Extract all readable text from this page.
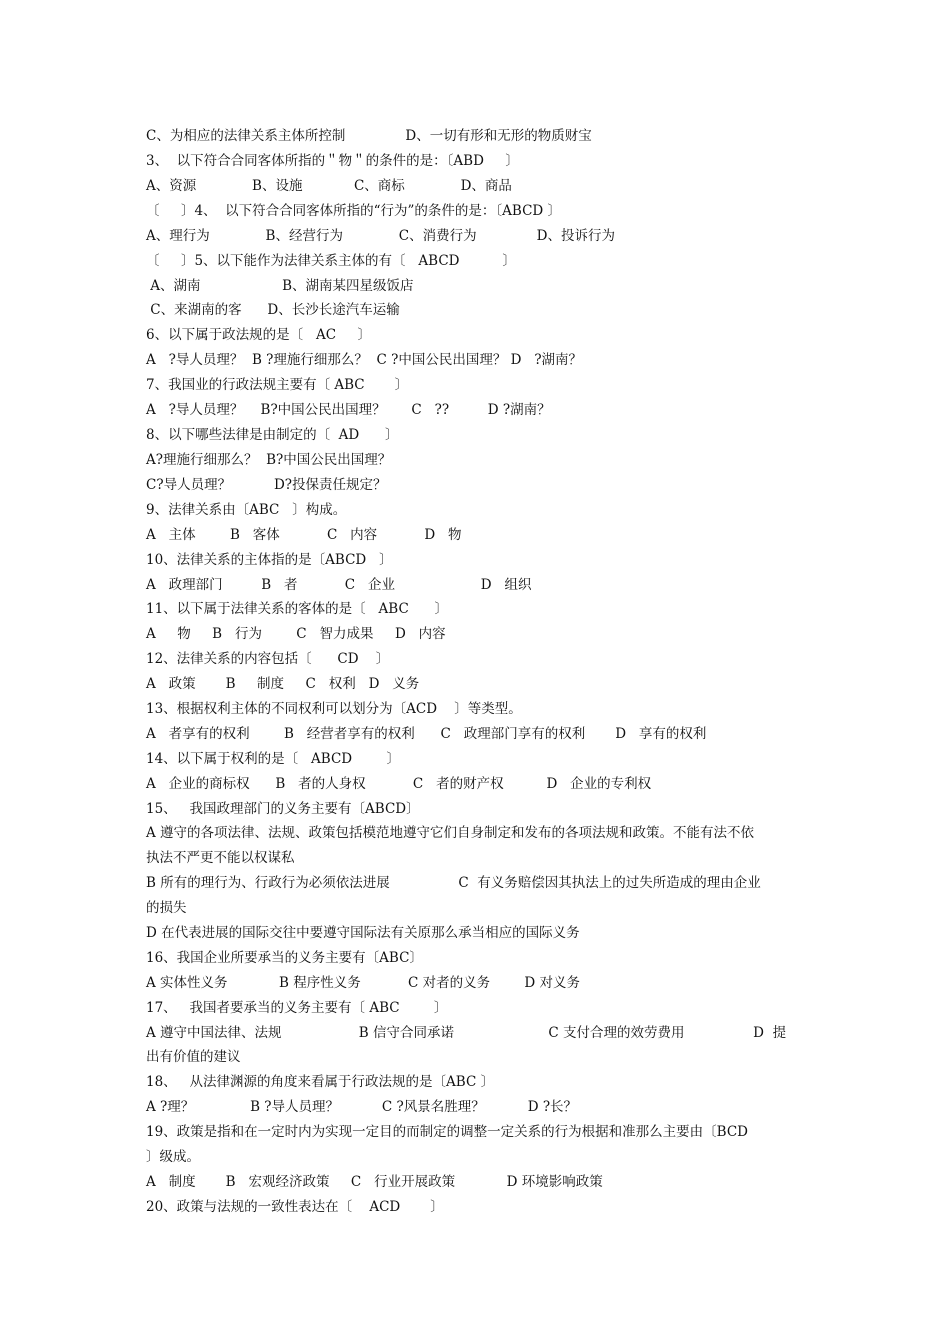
C、为相应的法律关系主体所控制              D、一切有形和无形的物质财宝
3、  以下符合合同客体所指的＂物＂的条件的是：〔ABD     〕
A、资源             B、设施            C、商标             D、商品
〔     〕4、  以下符合合同客体所指的“行为”的条件的是：〔ABCD 〕
A、理行为             B、经营行为             C、消费行为              D、投诉行为
〔     〕5、以下能作为法律关系主体的有〔   ABCD          〕
A、湖南                   B、湖南某四星级饭店
C、来湖南的客      D、长沙长途汽车运输
6、以下属于政法规的是〔   AC     〕
A   ?导人员理？  B ?理施行细那么？  C ?中国公民出国理？ D   ?湖南？
7、我国业的行政法规主要有〔 ABC       〕
A   ?导人员理？    B?中国公民出国理？      C   ??         D ?湖南？
8、以下哪些法律是由制定的〔  AD      〕
A?理施行细那么？  B?中国公民出国理？
C?导人员理？          D?投保责任规定？
9、法律关系由〔ABC   〕构成。
A   主体        B   客体           C   内容           D   物
10、法律关系的主体指的是〔ABCD   〕
A   政理部门         B   者           C   企业                    D   组织
11、以下属于法律关系的客体的是〔   ABC      〕
A     物     B   行为        C   智力成果     D   内容
12、法律关系的内容包括〔      CD    〕
A   政策       B     制度     C   权利   D   义务
13、根据权利主体的不同权利可以划分为〔ACD    〕等类型。
A   者享有的权利        B   经营者享有的权利      C   政理部门享有的权利       D   享有的权利
14、以下属于权利的是〔   ABCD        〕
A   企业的商标权      B   者的人身权           C   者的财产权          D   企业的专利权
15、   我国政理部门的义务主要有〔ABCD〕
A 遵守的各项法律、法规、政策包括模范地遵守它们自身制定和发布的各项法规和政策。不能有法不依
执法不严更不能以权谋私
B 所有的理行为、行政行为必须依法进展                C  有义务赔偿因其执法上的过失所造成的理由企业
的损失
D 在代表进展的国际交往中要遵守国际法有关原那么承当相应的国际义务
16、我国企业所要承当的义务主要有〔ABC〕
A 实体性义务            B 程序性义务           C 对者的义务        D 对义务
17、   我国者要承当的义务主要有〔 ABC        〕
A 遵守中国法律、法规                  B 信守合同承诺                      C 支付合理的效劳费用                D  提
出有价值的建议
18、   从法律渊源的角度来看属于行政法规的是〔ABC 〕
A ?理？             B ?导人员理？          C ?风景名胜理？          D ?长？
19、政策是指和在一定时内为实现一定目的而制定的调整一定关系的行为根据和准那么主要由〔BCD
〕级成。
A   制度       B   宏观经济政策     C   行业开展政策            D 环境影响政策
20、政策与法规的一致性表达在〔    ACD       〕
